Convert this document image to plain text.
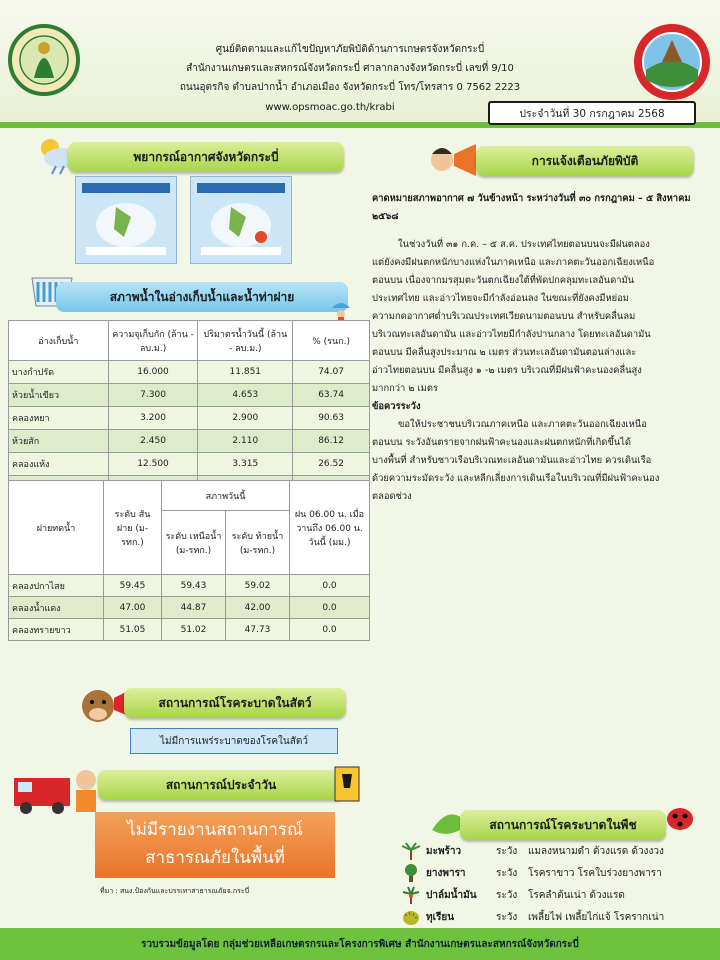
ศูนย์ติดตามและแก้ไขปัญหาภัยพิบัติด้านการเกษตรจังหวัดกระบี่
สำนักงานเกษตรและสหกรณ์จังหวัดกระบี่ ศาลากลางจังหวัดกระบี่ เลขที่ 9/10
ถนนอุตรกิจ ตำบลปากน้ำ อำเภอเมือง จังหวัดกระบี่ โทร/โทรสาร 0 7562 2223
www.opsmoac.go.th/krabi	ประจำวันที่ 30 กรกฎาคม 2568
พยากรณ์อากาศจังหวัดกระบี่
สภาพน้ำในอ่างเก็บน้ำและน้ำท่าฝาย
อ่างเก็บน้ำ	ความจุเก็บกัก (ล้าน - ลบ.ม.)	ปริมาตรน้ำวันนี้ (ล้าน - ลบ.ม.)	% (รนก.)
บางกำปรัด	16.000	11.851	74.07
ห้วยน้ำเขียว	7.300	4.653	63.74
คลองหยา	3.200	2.900	90.63
ห้วยสัก	2.450	2.110	86.12
คลองแห้ง	12.500	3.315	26.52

ฝายทดน้ำ	ระดับ สันฝาย (ม-รทก.)	สภาพวันนี้		ฝน 06.00 น. เมื่อวานถึง 06.00 น. วันนี้ (มม.)
		ระดับ เหนือน้ำ (ม-รทก.)	ระดับ ท้ายน้ำ (ม-รทก.)	
คลองปกาไสย	59.45	59.43	59.02	0.0
คลองน้ำแดง	47.00	44.87	42.00	0.0
คลองทรายขาว	51.05	51.02	47.73	0.0
การแจ้งเตือนภัยพิบัติ
คาดหมายสภาพอากาศ ๗ วันข้างหน้า ระหว่างวันที่ ๓๐ กรกฎาคม – ๕ สิงหาคม ๒๕๖๘
ในช่วงวันที่ ๓๑ ก.ค. – ๕ ส.ค. ประเทศไทยตอนบนจะมีฝนตลอง
แต่ยังคงมีฝนตกหนักบางแห่งในภาคเหนือ และภาคตะวันออกเฉียงเหนือ
ตอนบน เนื่องจากมรสุมตะวันตกเฉียงใต้ที่พัดปกคลุมทะเลอันดามัน
ประเทศไทย และอ่าวไทยจะมีกำลังอ่อนลง ในขณะที่ยังคงมีหย่อม
ความกดอากาศต่ำบริเวณประเทศเวียดนามตอนบน สำหรับคลื่นลม
บริเวณทะเลอันดามัน และอ่าวไทยมีกำลังปานกลาง โดยทะเลอันดามัน
ตอนบน มีคลื่นสูงประมาณ ๒ เมตร ส่วนทะเลอันดามันตอนล่างและ
อ่าวไทยตอนบน มีคลื่นสูง ๑ -๒ เมตร บริเวณที่มีฝนฟ้าคะนองคลื่นสูง
มากกว่า ๒ เมตร
ข้อควรระวัง
ขอให้ประชาชนบริเวณภาคเหนือ และภาคตะวันออกเฉียงเหนือ
ตอนบน ระวังอันตรายจากฝนฟ้าคะนองและฝนตกหนักที่เกิดขึ้นได้
บางพื้นที่ สำหรับชาวเรือบริเวณทะเลอันดามันและอ่าวไทย ควรเดินเรือ
ด้วยความระมัดระวัง และหลีกเลี่ยงการเดินเรือในบริเวณที่มีฝนฟ้าคะนอง
ตลอดช่วง
สถานการณ์โรคระบาดในสัตว์
ไม่มีการแพร่ระบาดของโรคในสัตว์
สถานการณ์ประจำวัน
ไม่มีรายงานสถานการณ์
สาธารณภัยในพื้นที่
ที่มา : สนง.ป้องกันและบรรเทาสาธารณภัยจ.กระบี่
สถานการณ์โรคระบาดในพืช
มะพร้าว	ระวัง	แมลงหนามดำ ด้วงแรด ด้วงงวง
ยางพารา	ระวัง	โรคราขาว โรคใบร่วงยางพารา
ปาล์มน้ำมัน	ระวัง	โรคลำต้นเน่า ด้วงแรด
ทุเรียน	ระวัง	เพลี้ยไฟ เพลี้ยไก่แจ้ โรครากเน่า
รวบรวมข้อมูลโดย กลุ่มช่วยเหลือเกษตรกรและโครงการพิเศษ สำนักงานเกษตรและสหกรณ์จังหวัดกระบี่
